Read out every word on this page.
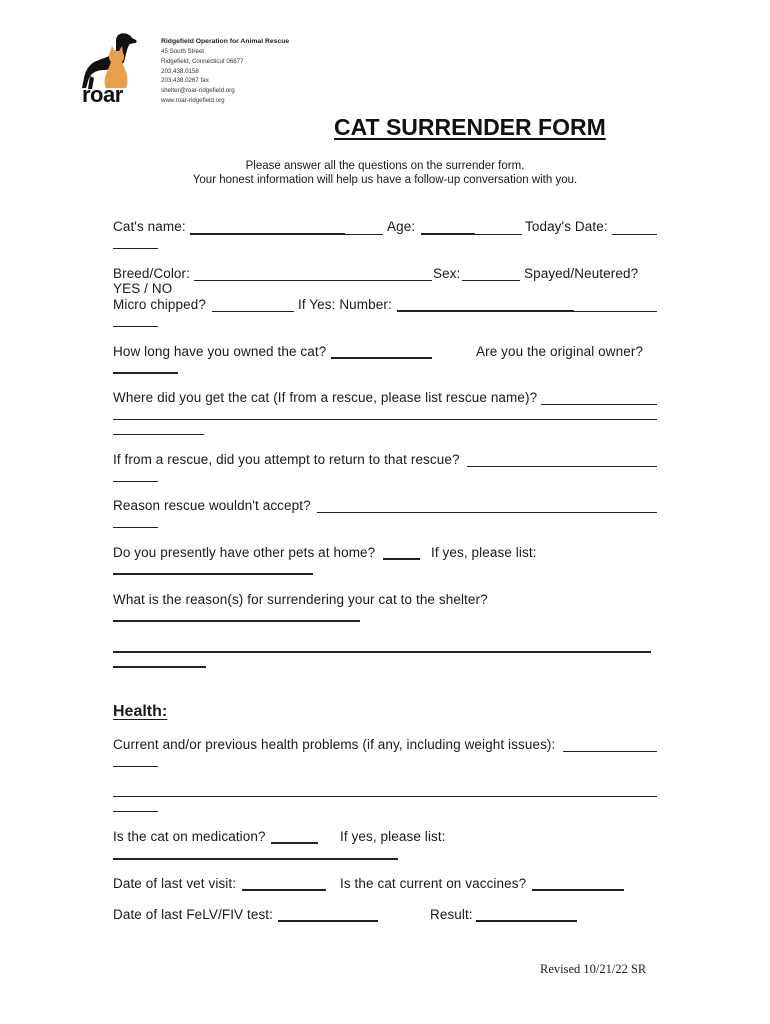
roar
Ridgefield Operation for Animal Rescue
45 South Street
Ridgefield, Connecticut 06877
203.438.0158
203.438.0267 fax
shelter@roar-ridgefield.org
www.roar-ridgefield.org
CAT SURRENDER FORM
Please answer all the questions on the surrender form.
Your honest information will help us have a follow-up conversation with you.
Cat's name:	Age:	Today's Date:
Breed/Color:	Sex:	Spayed/Neutered?
YES / NO
Micro chipped?	If Yes: Number:
How long have you owned the cat?	Are you the original owner?
Where did you get the cat (If from a rescue, please list rescue name)?
If from a rescue, did you attempt to return to that rescue?
Reason rescue wouldn't accept?
Do you presently have other pets at home?	If yes, please list:
What is the reason(s) for surrendering your cat to the shelter?
Health:
Current and/or previous health problems (if any, including weight issues):
Is the cat on medication?	If yes, please list:
Date of last vet visit:	Is the cat current on vaccines?
Date of last FeLV/FIV test:	Result:
Revised 10/21/22 SR
